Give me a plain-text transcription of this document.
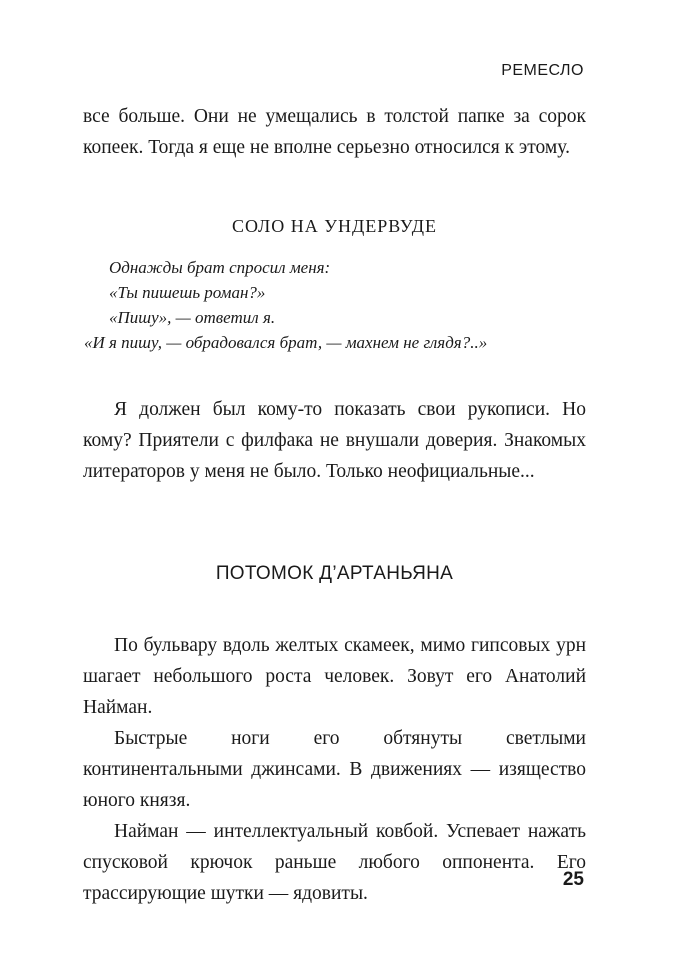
РЕМЕСЛО

все больше. Они не умещались в толстой папке за сорок копеек. Тогда я еще не вполне серьезно относился к этому.

СОЛО НА УНДЕРВУДЕ

Однажды брат спросил меня:

«Ты пишешь роман?»

«Пишу», — ответил я.

«И я пишу, — обрадовался брат, — махнем не глядя?..»

Я должен был кому-то показать свои рукописи. Но кому? Приятели с филфака не внушали доверия. Знакомых литераторов у меня не было. Только неофициальные...

ПОТОМОК Д’АРТАНЬЯНА

По бульвару вдоль желтых скамеек, мимо гипсовых урн шагает небольшого роста человек. Зовут его Анатолий Найман.

Быстрые ноги его обтянуты светлыми континентальными джинсами. В движениях — изящество юного князя.

Найман — интеллектуальный ковбой. Успевает нажать спусковой крючок раньше любого оппонента. Его трассирующие шутки — ядовиты.

25
